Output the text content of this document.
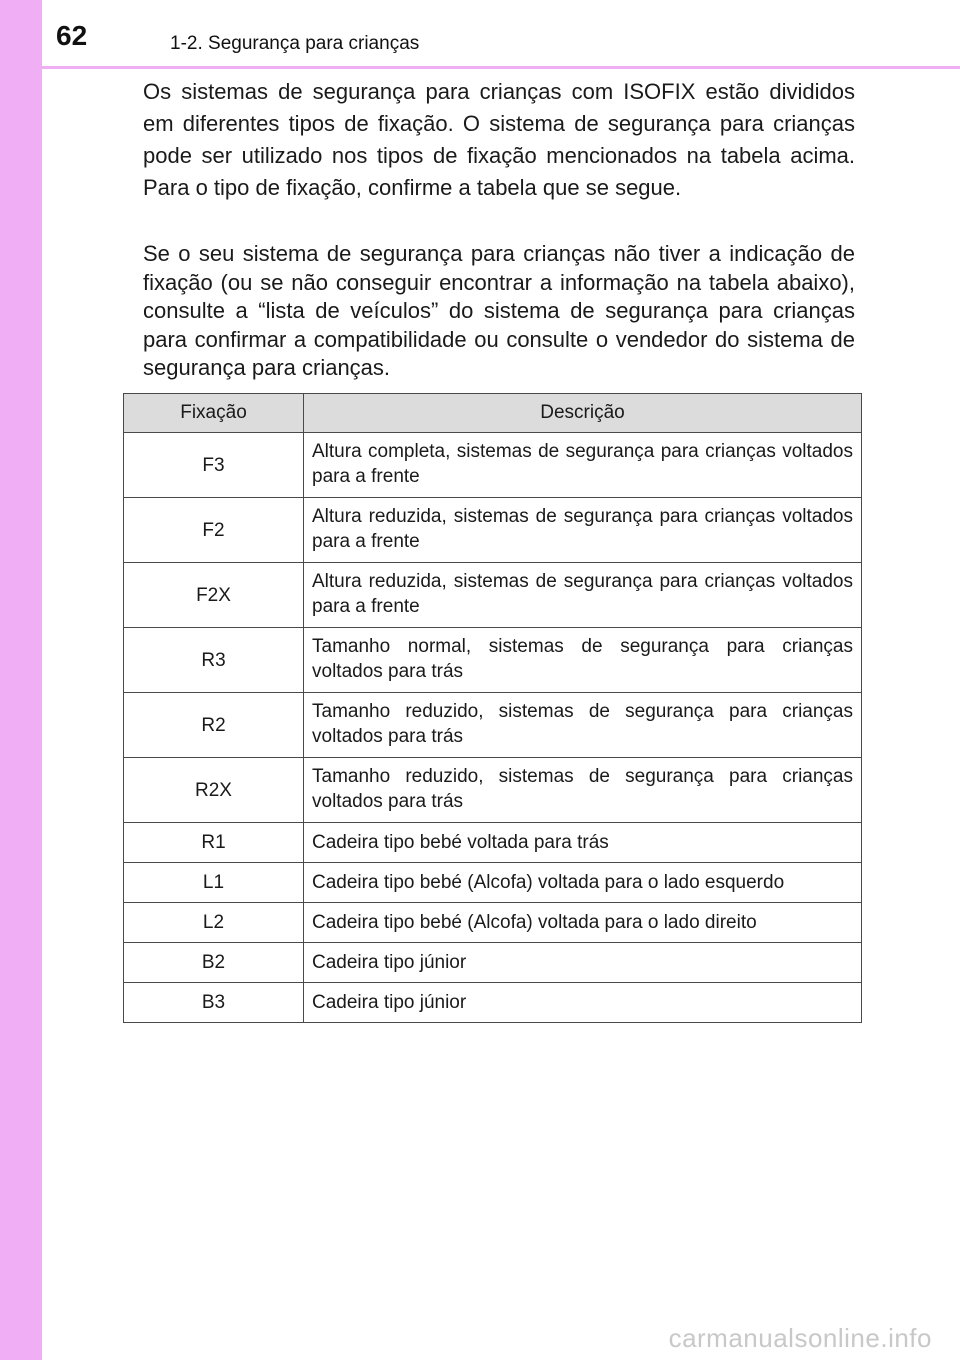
62	1-2. Segurança para crianças

Os sistemas de segurança para crianças com ISOFIX estão divididos em diferentes tipos de fixação. O sistema de segurança para crianças pode ser utilizado nos tipos de fixação mencionados na tabela acima. Para o tipo de fixação, confirme a tabela que se segue.

Se o seu sistema de segurança para crianças não tiver a indicação de fixação (ou se não conseguir encontrar a informação na tabela abaixo), consulte a “lista de veículos” do sistema de segurança para crianças para confirmar a compatibilidade ou consulte o vendedor do sistema de segurança para crianças.

Fixação	Descrição
F3	Altura completa, sistemas de segurança para crianças voltados para a frente
F2	Altura reduzida, sistemas de segurança para crianças voltados para a frente
F2X	Altura reduzida, sistemas de segurança para crianças voltados para a frente
R3	Tamanho normal, sistemas de segurança para crianças voltados para trás
R2	Tamanho reduzido, sistemas de segurança para crianças voltados para trás
R2X	Tamanho reduzido, sistemas de segurança para crianças voltados para trás
R1	Cadeira tipo bebé voltada para trás
L1	Cadeira tipo bebé (Alcofa) voltada para o lado esquerdo
L2	Cadeira tipo bebé (Alcofa) voltada para o lado direito
B2	Cadeira tipo júnior
B3	Cadeira tipo júnior
carmanualsonline.info
